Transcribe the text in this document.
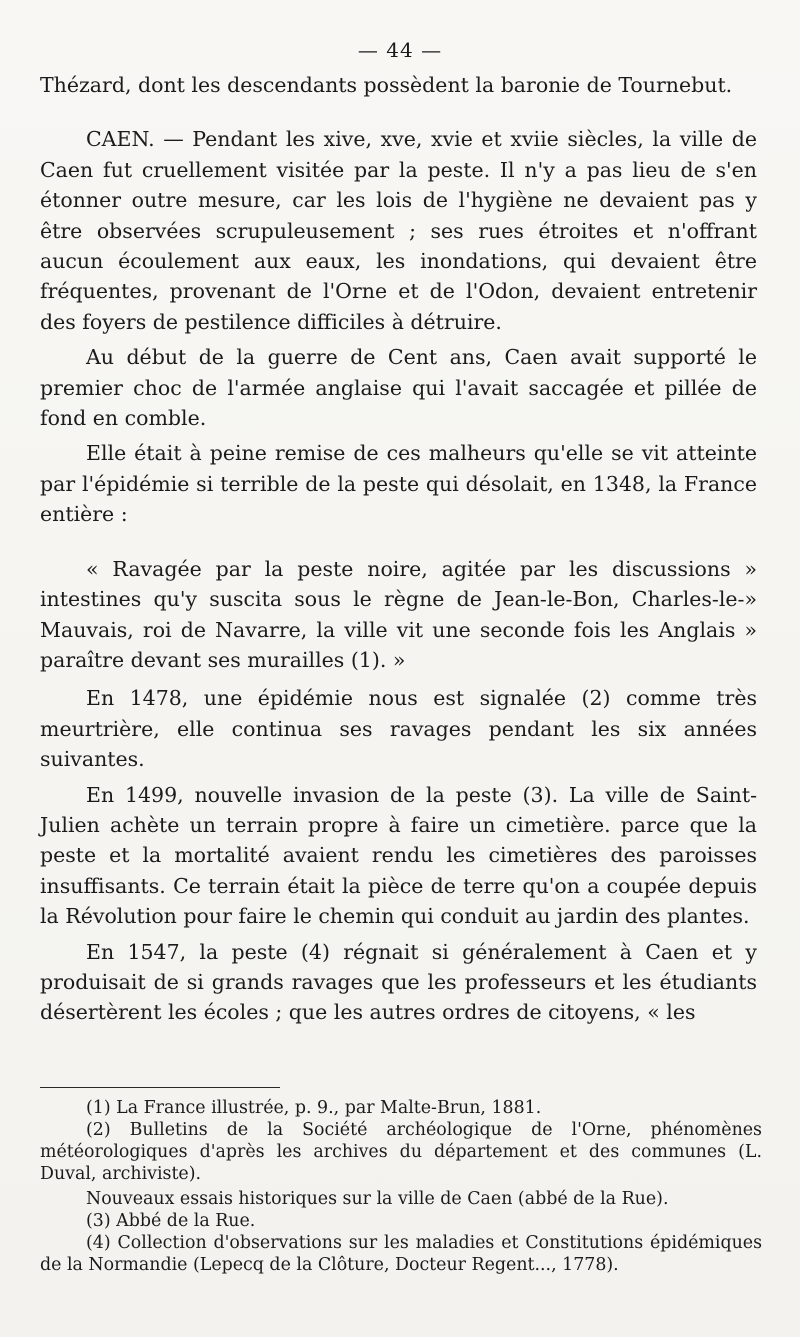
— 44 —

Thézard, dont les descendants possèdent la baronie de Tournebut.

CAEN. — Pendant les xive, xve, xvie et xviie siècles, la ville de Caen fut cruellement visitée par la peste. Il n'y a pas lieu de s'en étonner outre mesure, car les lois de l'hygiène ne devaient pas y être observées scrupuleusement ; ses rues étroites et n'offrant aucun écoulement aux eaux, les inondations, qui devaient être fréquentes, provenant de l'Orne et de l'Odon, devaient entretenir des foyers de pestilence difficiles à détruire.

Au début de la guerre de Cent ans, Caen avait supporté le premier choc de l'armée anglaise qui l'avait saccagée et pillée de fond en comble.

Elle était à peine remise de ces malheurs qu'elle se vit atteinte par l'épidémie si terrible de la peste qui désolait, en 1348, la France entière :

« Ravagée par la peste noire, agitée par les discussions » intestines qu'y suscita sous le règne de Jean-le-Bon, Charles-le-» Mauvais, roi de Navarre, la ville vit une seconde fois les Anglais » paraître devant ses murailles (1). »

En 1478, une épidémie nous est signalée (2) comme très meurtrière, elle continua ses ravages pendant les six années suivantes.

En 1499, nouvelle invasion de la peste (3). La ville de Saint-Julien achète un terrain propre à faire un cimetière. parce que la peste et la mortalité avaient rendu les cimetières des paroisses insuffisants. Ce terrain était la pièce de terre qu'on a coupée depuis la Révolution pour faire le chemin qui conduit au jardin des plantes.

En 1547, la peste (4) régnait si généralement à Caen et y produisait de si grands ravages que les professeurs et les étudiants désertèrent les écoles ; que les autres ordres de citoyens, « les

(1) La France illustrée, p. 9., par Malte-Brun, 1881.

(2) Bulletins de la Société archéologique de l'Orne, phénomènes météorologiques d'après les archives du département et des communes (L. Duval, archiviste).

Nouveaux essais historiques sur la ville de Caen (abbé de la Rue).

(3) Abbé de la Rue.

(4) Collection d'observations sur les maladies et Constitutions épidémiques de la Normandie (Lepecq de la Clôture, Docteur Regent..., 1778).
